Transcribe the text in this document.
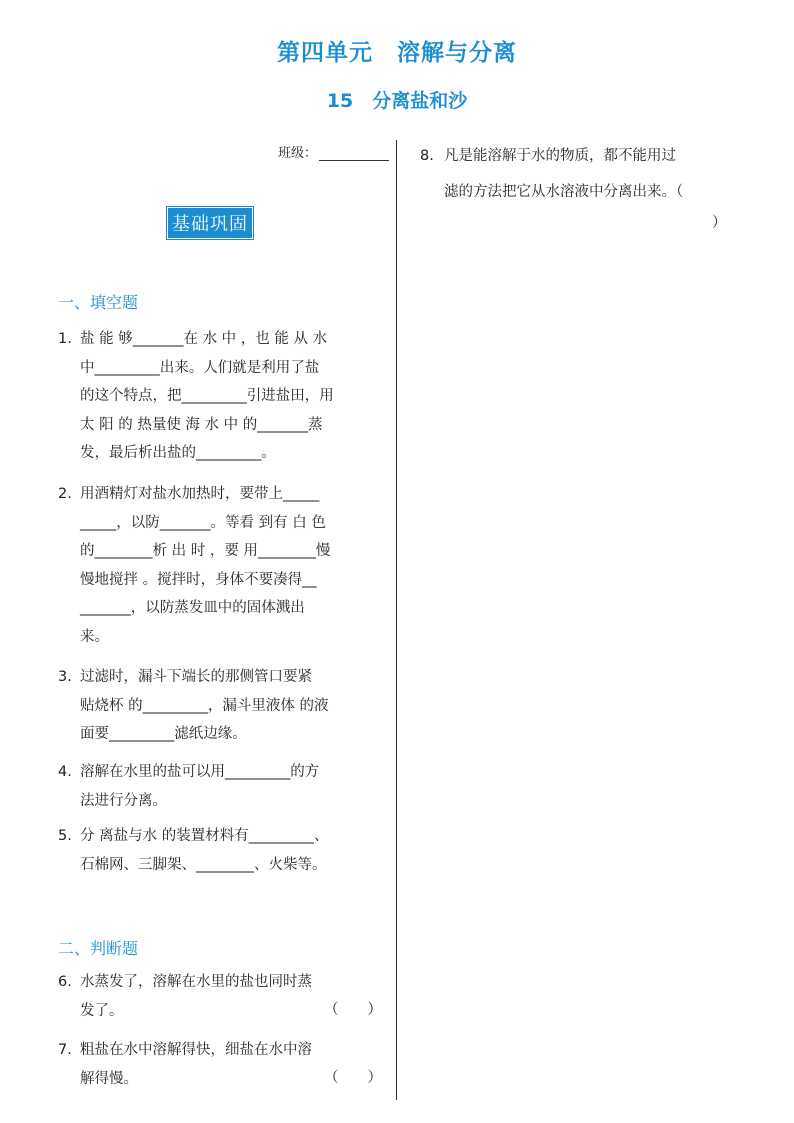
第四单元　溶解与分离
15　分离盐和沙
班级：
基础巩固
一、填空题
1. 盐 能 够_______在 水 中 ，也 能 从 水
中_________出来。人们就是利用了盐
的这个特点，把_________引进盐田，用
太 阳 的 热量使 海 水 中 的_______蒸
发，最后析出盐的_________。
2. 用酒精灯对盐水加热时，要带上_____
_____，以防_______。等看 到有 白 色
的________析 出 时 ，要 用________慢
慢地搅拌 。搅拌时，身体不要凑得__
_______，以防蒸发皿中的固体溅出
来。
3. 过滤时，漏斗下端长的那侧管口要紧
贴烧杯 的_________，漏斗里液体 的液
面要_________滤纸边缘。
4. 溶解在水里的盐可以用_________的方
法进行分离。
5. 分 离盐与水 的装置材料有_________、
石棉网、三脚架、________、火柴等。
二、判断题
6. 水蒸发了，溶解在水里的盐也同时蒸
发了。	（　　）
7. 粗盐在水中溶解得快，细盐在水中溶
解得慢。	（　　）
8. 凡是能溶解于水的物质，都不能用过
滤的方法把它从水溶液中分离出来。（
）
